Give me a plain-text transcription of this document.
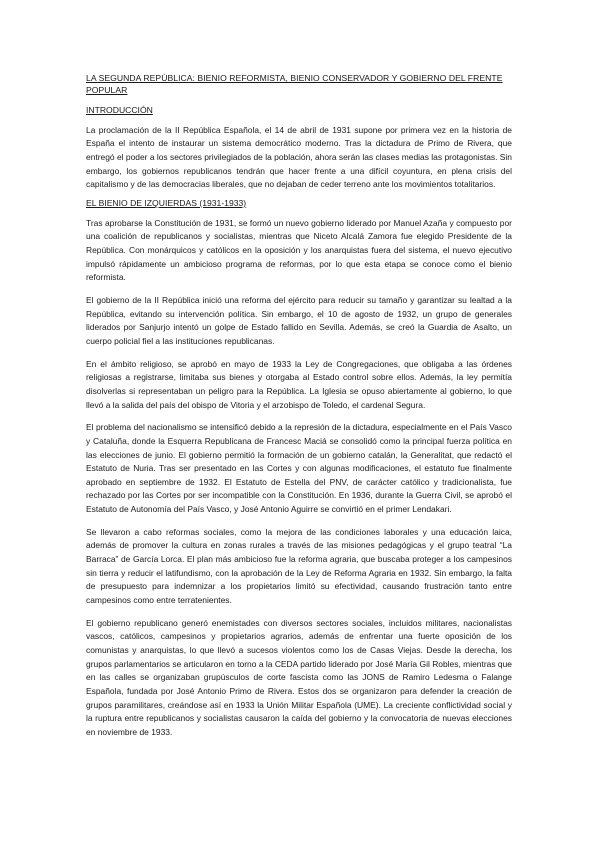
LA SEGUNDA REPÚBLICA: BIENIO REFORMISTA, BIENIO CONSERVADOR Y GOBIERNO DEL FRENTE POPULAR
INTRODUCCIÓN

La proclamación de la II República Española, el 14 de abril de 1931 supone por primera vez en la historia de España el intento de instaurar un sistema democrático moderno. Tras la dictadura de Primo de Rivera, que entregó el poder a los sectores privilegiados de la población, ahora serán las clases medias las protagonistas. Sin embargo, los gobiernos republicanos tendrán que hacer frente a una difícil coyuntura, en plena crisis del capitalismo y de las democracias liberales, que no dejaban de ceder terreno ante los movimientos totalitarios.

EL BIENIO DE IZQUIERDAS (1931-1933)

Tras aprobarse la Constitución de 1931, se formó un nuevo gobierno liderado por Manuel Azaña y compuesto por una coalición de republicanos y socialistas, mientras que Niceto Alcalá Zamora fue elegido Presidente de la República. Con monárquicos y católicos en la oposición y los anarquistas fuera del sistema, el nuevo ejecutivo impulsó rápidamente un ambicioso programa de reformas, por lo que esta etapa se conoce como el bienio reformista.

El gobierno de la II República inició una reforma del ejército para reducir su tamaño y garantizar su lealtad a la República, evitando su intervención política. Sin embargo, el 10 de agosto de 1932, un grupo de generales liderados por Sanjurjo intentó un golpe de Estado fallido en Sevilla. Además, se creó la Guardia de Asalto, un cuerpo policial fiel a las instituciones republicanas.

En el ámbito religioso, se aprobó en mayo de 1933 la Ley de Congregaciones, que obligaba a las órdenes religiosas a registrarse, limitaba sus bienes y otorgaba al Estado control sobre ellos. Además, la ley permitía disolverlas si representaban un peligro para la República. La Iglesia se opuso abiertamente al gobierno, lo que llevó a la salida del país del obispo de Vitoria y el arzobispo de Toledo, el cardenal Segura.

El problema del nacionalismo se intensificó debido a la represión de la dictadura, especialmente en el País Vasco y Cataluña, donde la Esquerra Republicana de Francesc Maciá se consolidó como la principal fuerza política en las elecciones de junio. El gobierno permitió la formación de un gobierno catalán, la Generalitat, que redactó el Estatuto de Nuria. Tras ser presentado en las Cortes y con algunas modificaciones, el estatuto fue finalmente aprobado en septiembre de 1932. El Estatuto de Estella del PNV, de carácter católico y tradicionalista, fue rechazado por las Cortes por ser incompatible con la Constitución. En 1936, durante la Guerra Civil, se aprobó el Estatuto de Autonomía del País Vasco, y José Antonio Aguirre se convirtió en el primer Lendakari.

Se llevaron a cabo reformas sociales, como la mejora de las condiciones laborales y una educación laica, además de promover la cultura en zonas rurales a través de las misiones pedagógicas y el grupo teatral “La Barraca” de García Lorca. El plan más ambicioso fue la reforma agraria, que buscaba proteger a los campesinos sin tierra y reducir el latifundismo, con la aprobación de la Ley de Reforma Agraria en 1932. Sin embargo, la falta de presupuesto para indemnizar a los propietarios limitó su efectividad, causando frustración tanto entre campesinos como entre terratenientes.

El gobierno republicano generó enemistades con diversos sectores sociales, incluidos militares, nacionalistas vascos, católicos, campesinos y propietarios agrarios, además de enfrentar una fuerte oposición de los comunistas y anarquistas, lo que llevó a sucesos violentos como los de Casas Viejas. Desde la derecha, los grupos parlamentarios se articularon en torno a la CEDA partido liderado por José María Gil Robles, mientras que en las calles se organizaban grupúsculos de corte fascista como las JONS de Ramiro Ledesma o Falange Española, fundada por José Antonio Primo de Rivera. Estos dos se organizaron para defender la creación de grupos paramilitares, creándose así en 1933 la Unión Militar Española (UME). La creciente conflictividad social y la ruptura entre republicanos y socialistas causaron la caída del gobierno y la convocatoria de nuevas elecciones en noviembre de 1933.
